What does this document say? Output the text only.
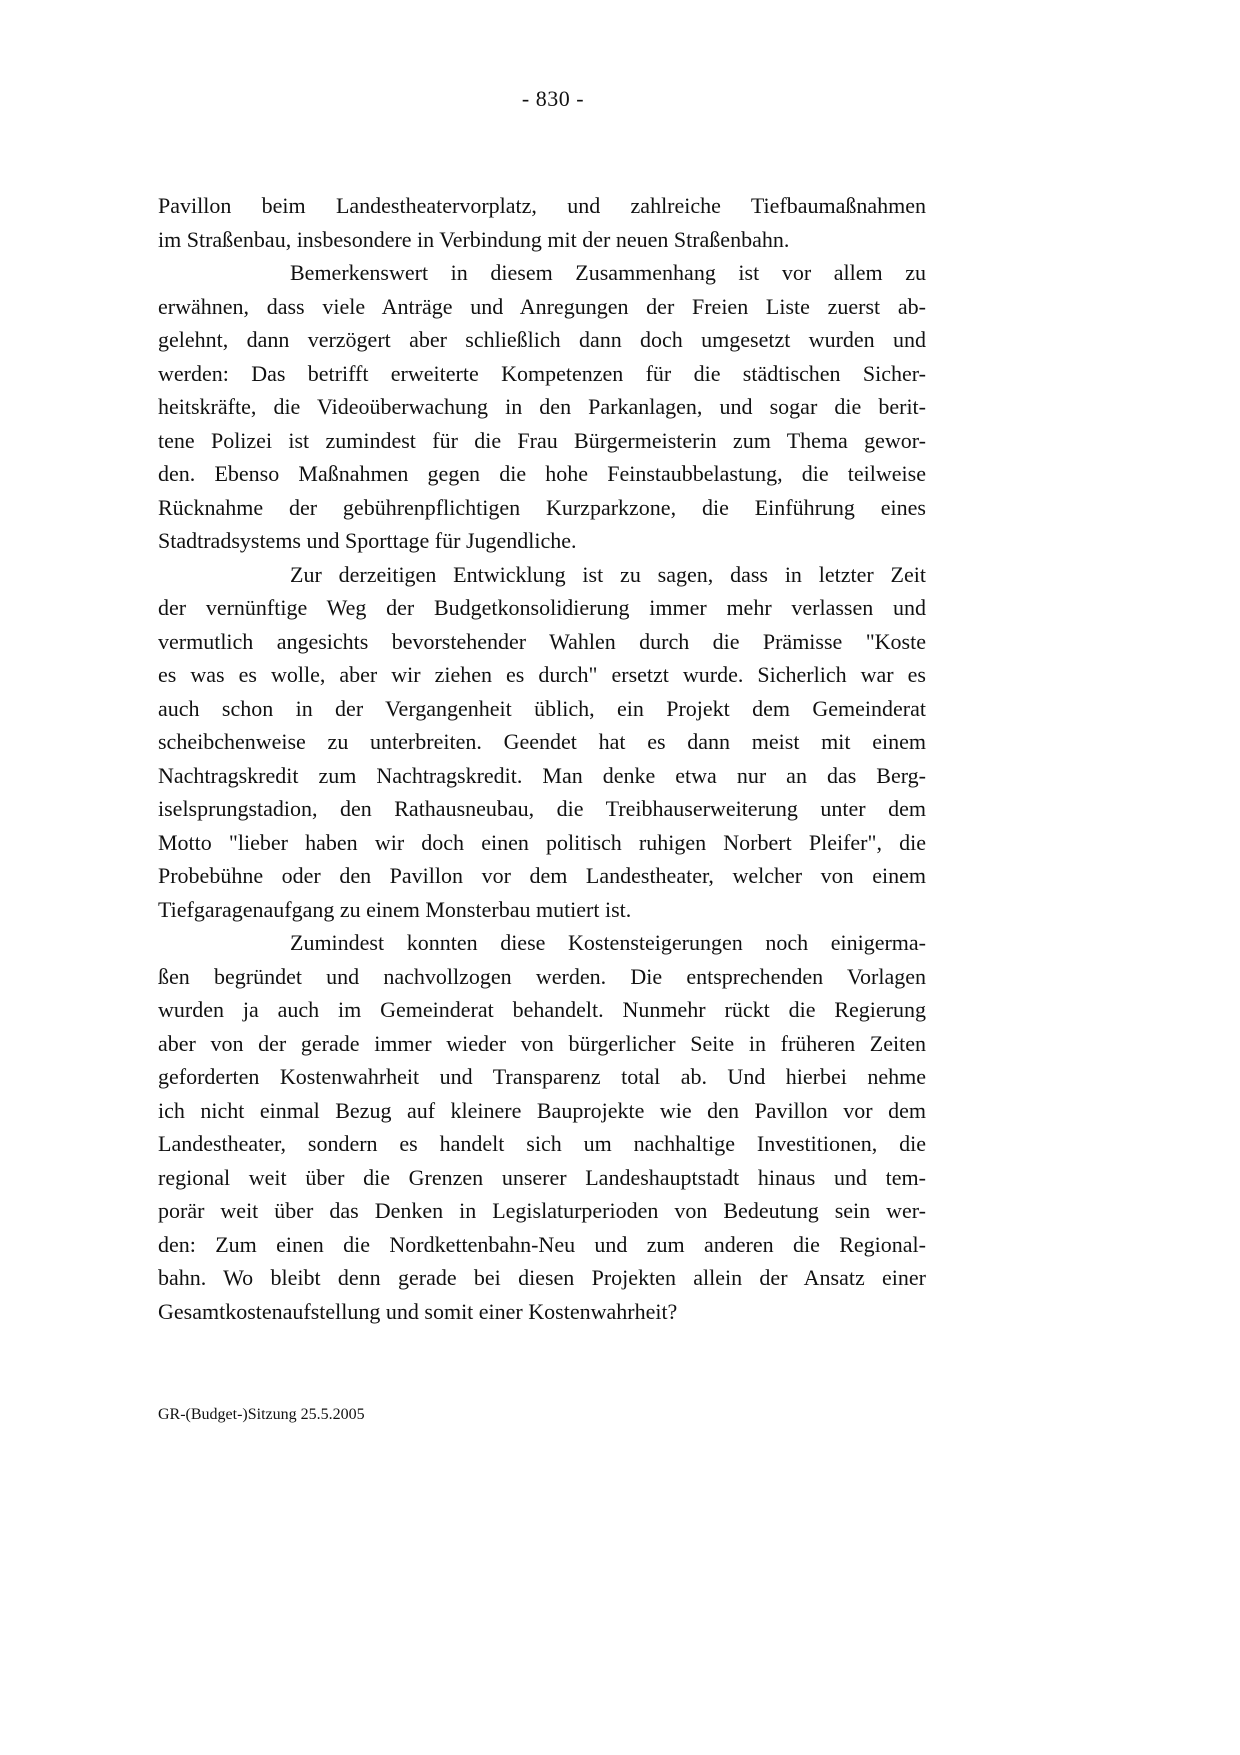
- 830 -
Pavillon beim Landestheatervorplatz, und zahlreiche Tiefbaumaßnahmen
im Straßenbau, insbesondere in Verbindung mit der neuen Straßenbahn.
Bemerkenswert in diesem Zusammenhang ist vor allem zu
erwähnen, dass viele Anträge und Anregungen der Freien Liste zuerst ab-
gelehnt, dann verzögert aber schließlich dann doch umgesetzt wurden und
werden: Das betrifft erweiterte Kompetenzen für die städtischen Sicher-
heitskräfte, die Videoüberwachung in den Parkanlagen, und sogar die berit-
tene Polizei ist zumindest für die Frau Bürgermeisterin zum Thema gewor-
den. Ebenso Maßnahmen gegen die hohe Feinstaubbelastung, die teilweise
Rücknahme der gebührenpflichtigen Kurzparkzone, die Einführung eines
Stadtradsystems und Sporttage für Jugendliche.
Zur derzeitigen Entwicklung ist zu sagen, dass in letzter Zeit
der vernünftige Weg der Budgetkonsolidierung immer mehr verlassen und
vermutlich angesichts bevorstehender Wahlen durch die Prämisse "Koste
es was es wolle, aber wir ziehen es durch" ersetzt wurde. Sicherlich war es
auch schon in der Vergangenheit üblich, ein Projekt dem Gemeinderat
scheibchenweise zu unterbreiten. Geendet hat es dann meist mit einem
Nachtragskredit zum Nachtragskredit. Man denke etwa nur an das Berg-
iselsprungstadion, den Rathausneubau, die Treibhauserweiterung unter dem
Motto "lieber haben wir doch einen politisch ruhigen Norbert Pleifer", die
Probebühne oder den Pavillon vor dem Landestheater, welcher von einem
Tiefgaragenaufgang zu einem Monsterbau mutiert ist.
Zumindest konnten diese Kostensteigerungen noch einigerma-
ßen begründet und nachvollzogen werden. Die entsprechenden Vorlagen
wurden ja auch im Gemeinderat behandelt. Nunmehr rückt die Regierung
aber von der gerade immer wieder von bürgerlicher Seite in früheren Zeiten
geforderten Kostenwahrheit und Transparenz total ab. Und hierbei nehme
ich nicht einmal Bezug auf kleinere Bauprojekte wie den Pavillon vor dem
Landestheater, sondern es handelt sich um nachhaltige Investitionen, die
regional weit über die Grenzen unserer Landeshauptstadt hinaus und tem-
porär weit über das Denken in Legislaturperioden von Bedeutung sein wer-
den: Zum einen die Nordkettenbahn-Neu und zum anderen die Regional-
bahn. Wo bleibt denn gerade bei diesen Projekten allein der Ansatz einer
Gesamtkostenaufstellung und somit einer Kostenwahrheit?
GR-(Budget-)Sitzung 25.5.2005
